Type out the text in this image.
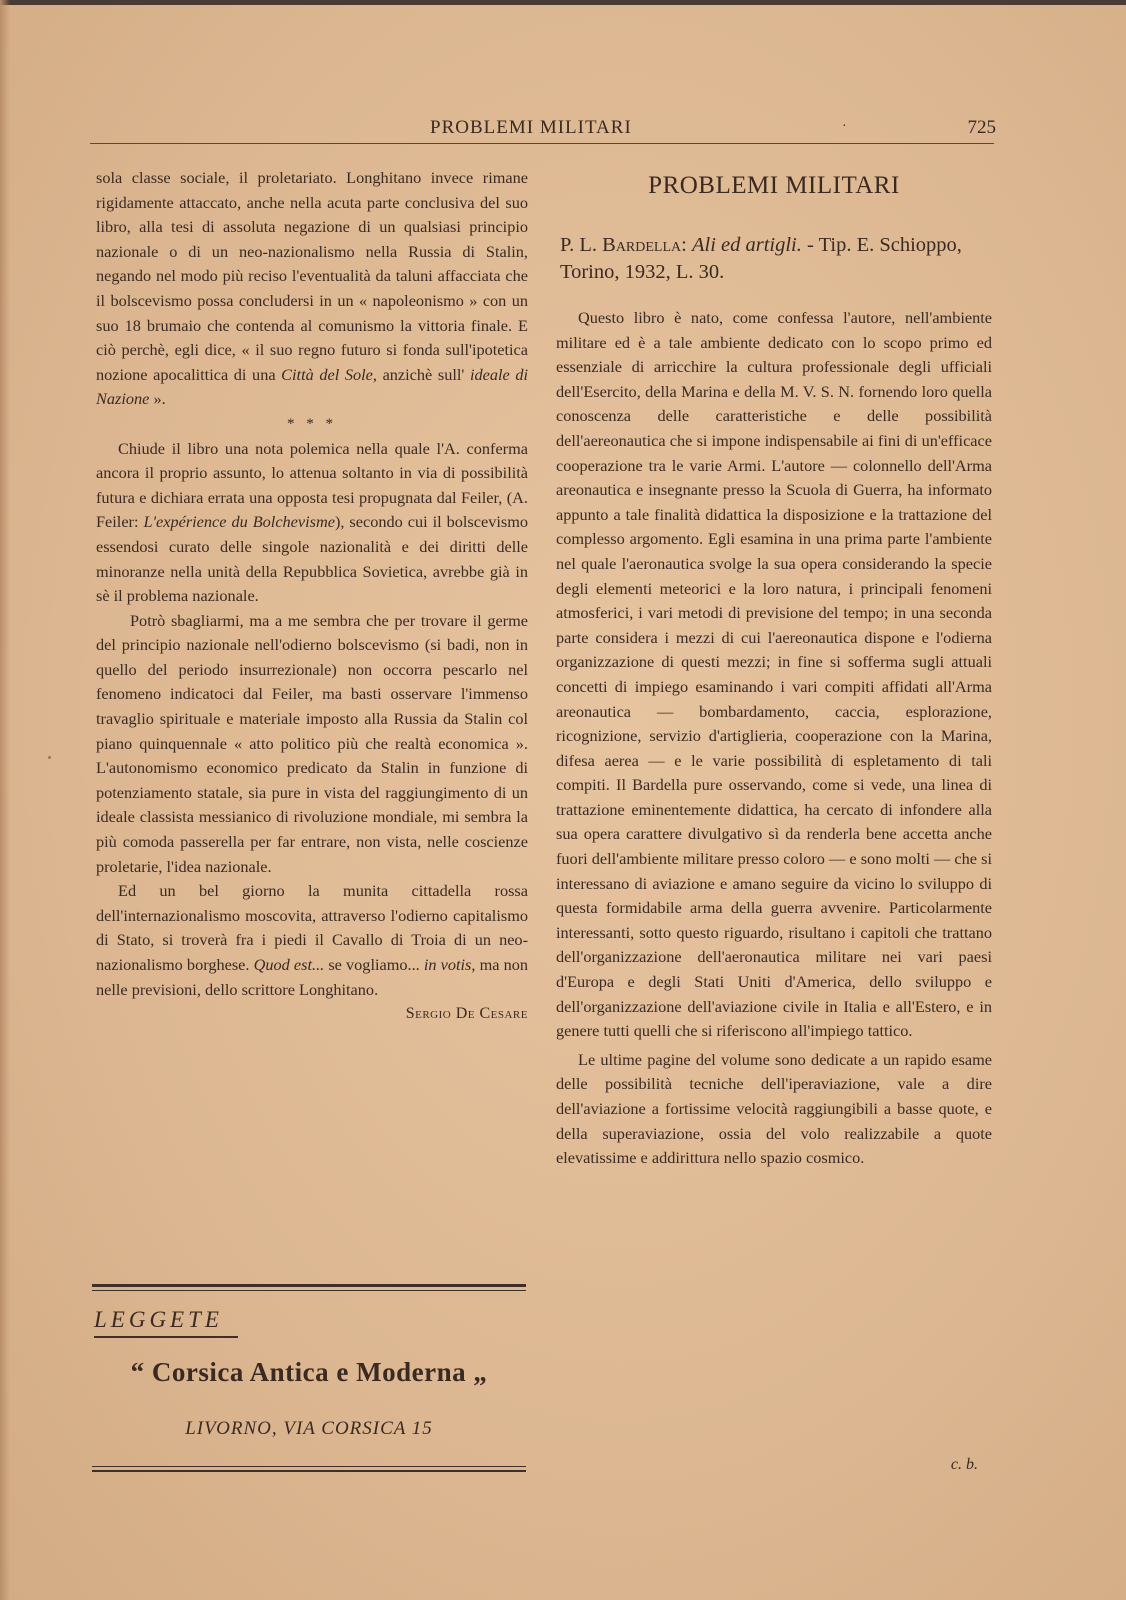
PROBLEMI MILITARI	·	725

sola classe sociale, il proletariato. Longhitano invece rimane rigidamente attaccato, anche nella acuta parte conclusiva del suo libro, alla tesi di assoluta negazione di un qualsiasi principio nazionale o di un neo-nazionalismo nella Russia di Stalin, negando nel modo più reciso l'eventualità da taluni affacciata che il bolscevismo possa concludersi in un « napoleonismo » con un suo 18 brumaio che contenda al comunismo la vittoria finale. E ciò perchè, egli dice, « il suo regno futuro si fonda sull'ipotetica nozione apocalittica di una Città del Sole, anzichè sull' ideale di Nazione ».

* * *

Chiude il libro una nota polemica nella quale l'A. conferma ancora il proprio assunto, lo attenua soltanto in via di possibilità futura e dichiara errata una opposta tesi propugnata dal Feiler, (A. Feiler: L'expérience du Bolchevisme), secondo cui il bolscevismo essendosi curato delle singole nazionalità e dei diritti delle minoranze nella unità della Repubblica Sovietica, avrebbe già in sè il problema nazionale.

Potrò sbagliarmi, ma a me sembra che per trovare il germe del principio nazionale nell'odierno bolscevismo (si badi, non in quello del periodo insurrezionale) non occorra pescarlo nel fenomeno indicatoci dal Feiler, ma basti osservare l'immenso travaglio spirituale e materiale imposto alla Russia da Stalin col piano quinquennale « atto politico più che realtà economica ». L'autonomismo economico predicato da Stalin in funzione di potenziamento statale, sia pure in vista del raggiungimento di un ideale classista messianico di rivoluzione mondiale, mi sembra la più comoda passerella per far entrare, non vista, nelle coscienze proletarie, l'idea nazionale.

Ed un bel giorno la munita cittadella rossa dell'internazionalismo moscovita, attraverso l'odierno capitalismo di Stato, si troverà fra i piedi il Cavallo di Troia di un neo-nazionalismo borghese. Quod est... se vogliamo... in votis, ma non nelle previsioni, dello scrittore Longhitano.

Sergio De Cesare

LEGGETE
“ Corsica Antica e Moderna „
LIVORNO, VIA CORSICA 15
PROBLEMI MILITARI
P. L. Bardella: Ali ed artigli. - Tip. E. Schioppo, Torino, 1932, L. 30.

Questo libro è nato, come confessa l'autore, nell'ambiente militare ed è a tale ambiente dedicato con lo scopo primo ed essenziale di arricchire la cultura professionale degli ufficiali dell'Esercito, della Marina e della M. V. S. N. fornendo loro quella conoscenza delle caratteristiche e delle possibilità dell'aereonautica che si impone indispensabile ai fini di un'efficace cooperazione tra le varie Armi. L'autore — colonnello dell'Arma areonautica e insegnante presso la Scuola di Guerra, ha informato appunto a tale finalità didattica la disposizione e la trattazione del complesso argomento. Egli esamina in una prima parte l'ambiente nel quale l'aeronautica svolge la sua opera considerando la specie degli elementi meteorici e la loro natura, i principali fenomeni atmosferici, i vari metodi di previsione del tempo; in una seconda parte considera i mezzi di cui l'aereonautica dispone e l'odierna organizzazione di questi mezzi; in fine si sofferma sugli attuali concetti di impiego esaminando i vari compiti affidati all'Arma areonautica — bombardamento, caccia, esplorazione, ricognizione, servizio d'artiglieria, cooperazione con la Marina, difesa aerea — e le varie possibilità di espletamento di tali compiti. Il Bardella pure osservando, come si vede, una linea di trattazione eminentemente didattica, ha cercato di infondere alla sua opera carattere divulgativo sì da renderla bene accetta anche fuori dell'ambiente militare presso coloro — e sono molti — che si interessano di aviazione e amano seguire da vicino lo sviluppo di questa formidabile arma della guerra avvenire. Particolarmente interessanti, sotto questo riguardo, risultano i capitoli che trattano dell'organizzazione dell'aeronautica militare nei vari paesi d'Europa e degli Stati Uniti d'America, dello sviluppo e dell'organizzazione dell'aviazione civile in Italia e all'Estero, e in genere tutti quelli che si riferiscono all'impiego tattico.

Le ultime pagine del volume sono dedicate a un rapido esame delle possibilità tecniche dell'iperaviazione, vale a dire dell'aviazione a fortissime velocità raggiungibili a basse quote, e della superaviazione, ossia del volo realizzabile a quote elevatissime e addirittura nello spazio cosmico.

c. b.
